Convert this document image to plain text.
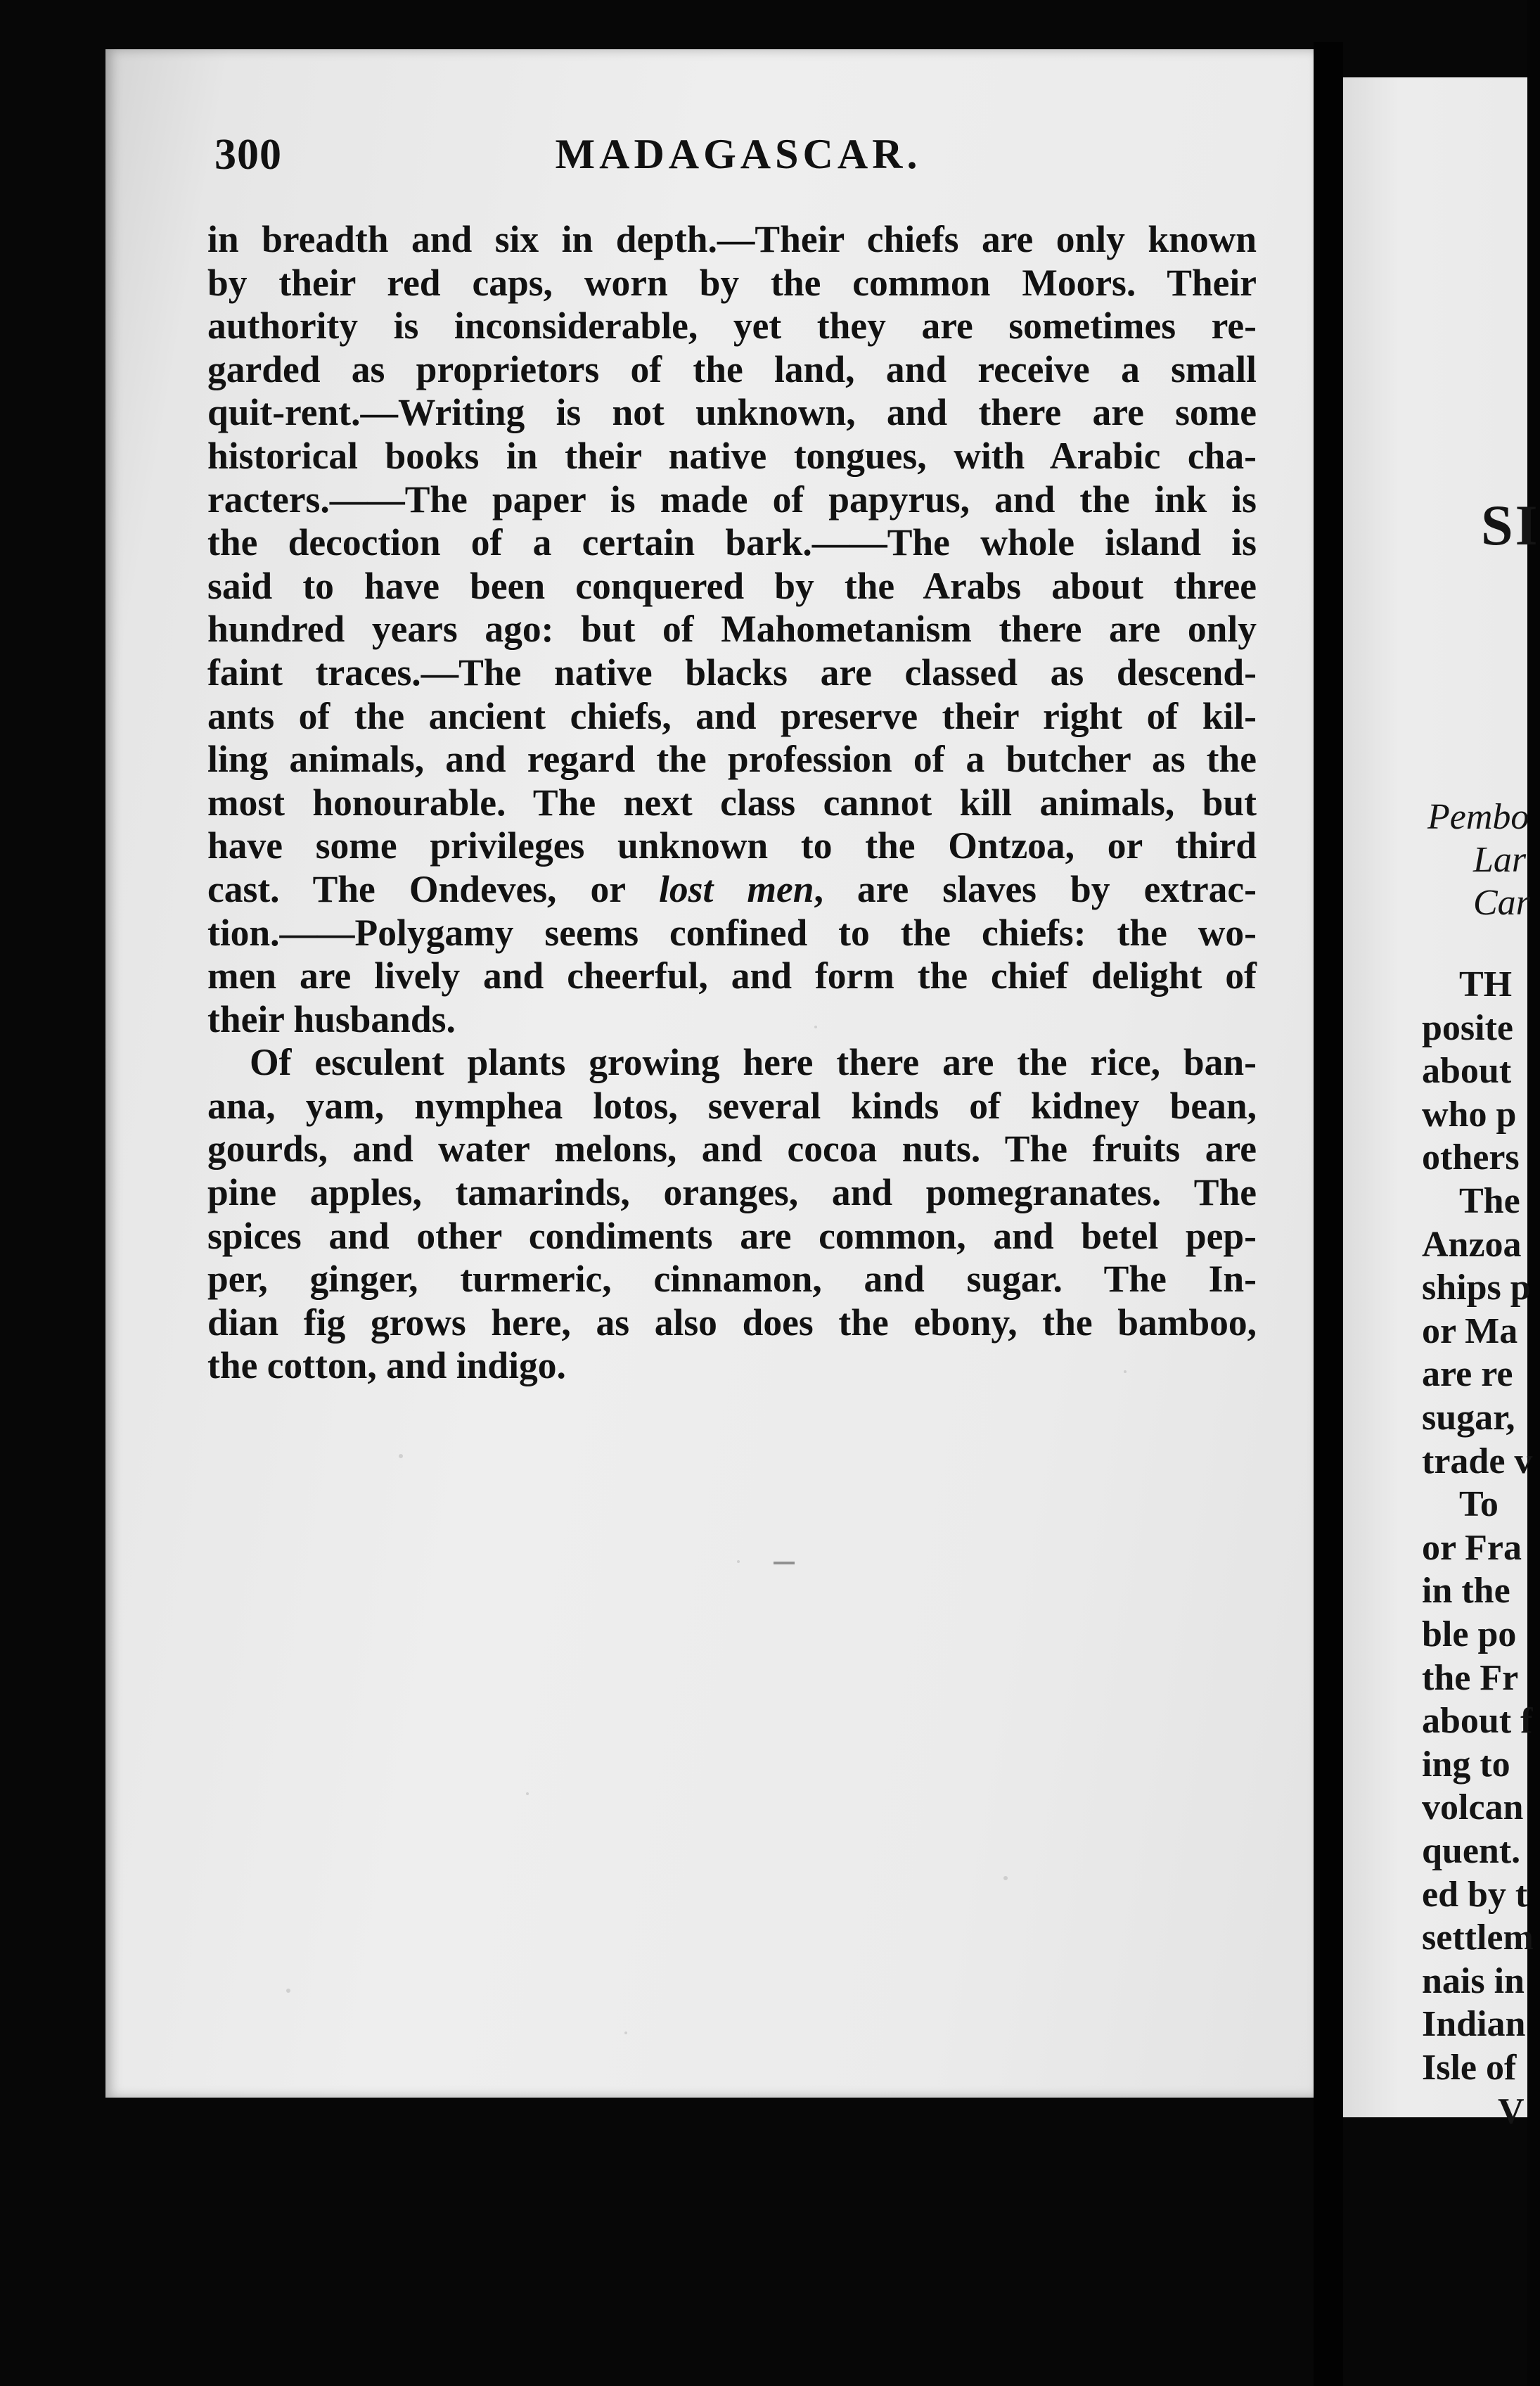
300	MADAGASCAR.
in breadth and six in depth.—Their chiefs are only known
by their red caps, worn by the common Moors. Their
authority is inconsiderable, yet they are sometimes re-
garded as proprietors of the land, and receive a small
quit-rent.—Writing is not unknown, and there are some
historical books in their native tongues, with Arabic cha-
racters.——The paper is made of papyrus, and the ink is
the decoction of a certain bark.——The whole island is
said to have been conquered by the Arabs about three
hundred years ago: but of Mahometanism there are only
faint traces.—The native blacks are classed as descend-
ants of the ancient chiefs, and preserve their right of kil-
ling animals, and regard the profession of a butcher as the
most honourable. The next class cannot kill animals, but
have some privileges unknown to the Ontzoa, or third
cast. The Ondeves, or lost men, are slaves by extrac-
tion.——Polygamy seems confined to the chiefs: the wo-
men are lively and cheerful, and form the chief delight of
their husbands.
Of esculent plants growing here there are the rice, ban-
ana, yam, nymphea lotos, several kinds of kidney bean,
gourds, and water melons, and cocoa nuts. The fruits are
pine apples, tamarinds, oranges, and pomegranates. The
spices and other condiments are common, and betel pep-
per, ginger, turmeric, cinnamon, and sugar. The In-
dian fig grows here, as also does the ebony, the bamboo,
the cotton, and indigo.
SI
Pembo
Lar
Car
TH
posite
about
who p
others
The
Anzoa
ships p
or Ma
are re
sugar,
trade v
To
or Fra
in the
ble po
the Fr
about f
ing to
volcan
quent.
ed by t
settlem
nais in
Indian
Isle of
V
